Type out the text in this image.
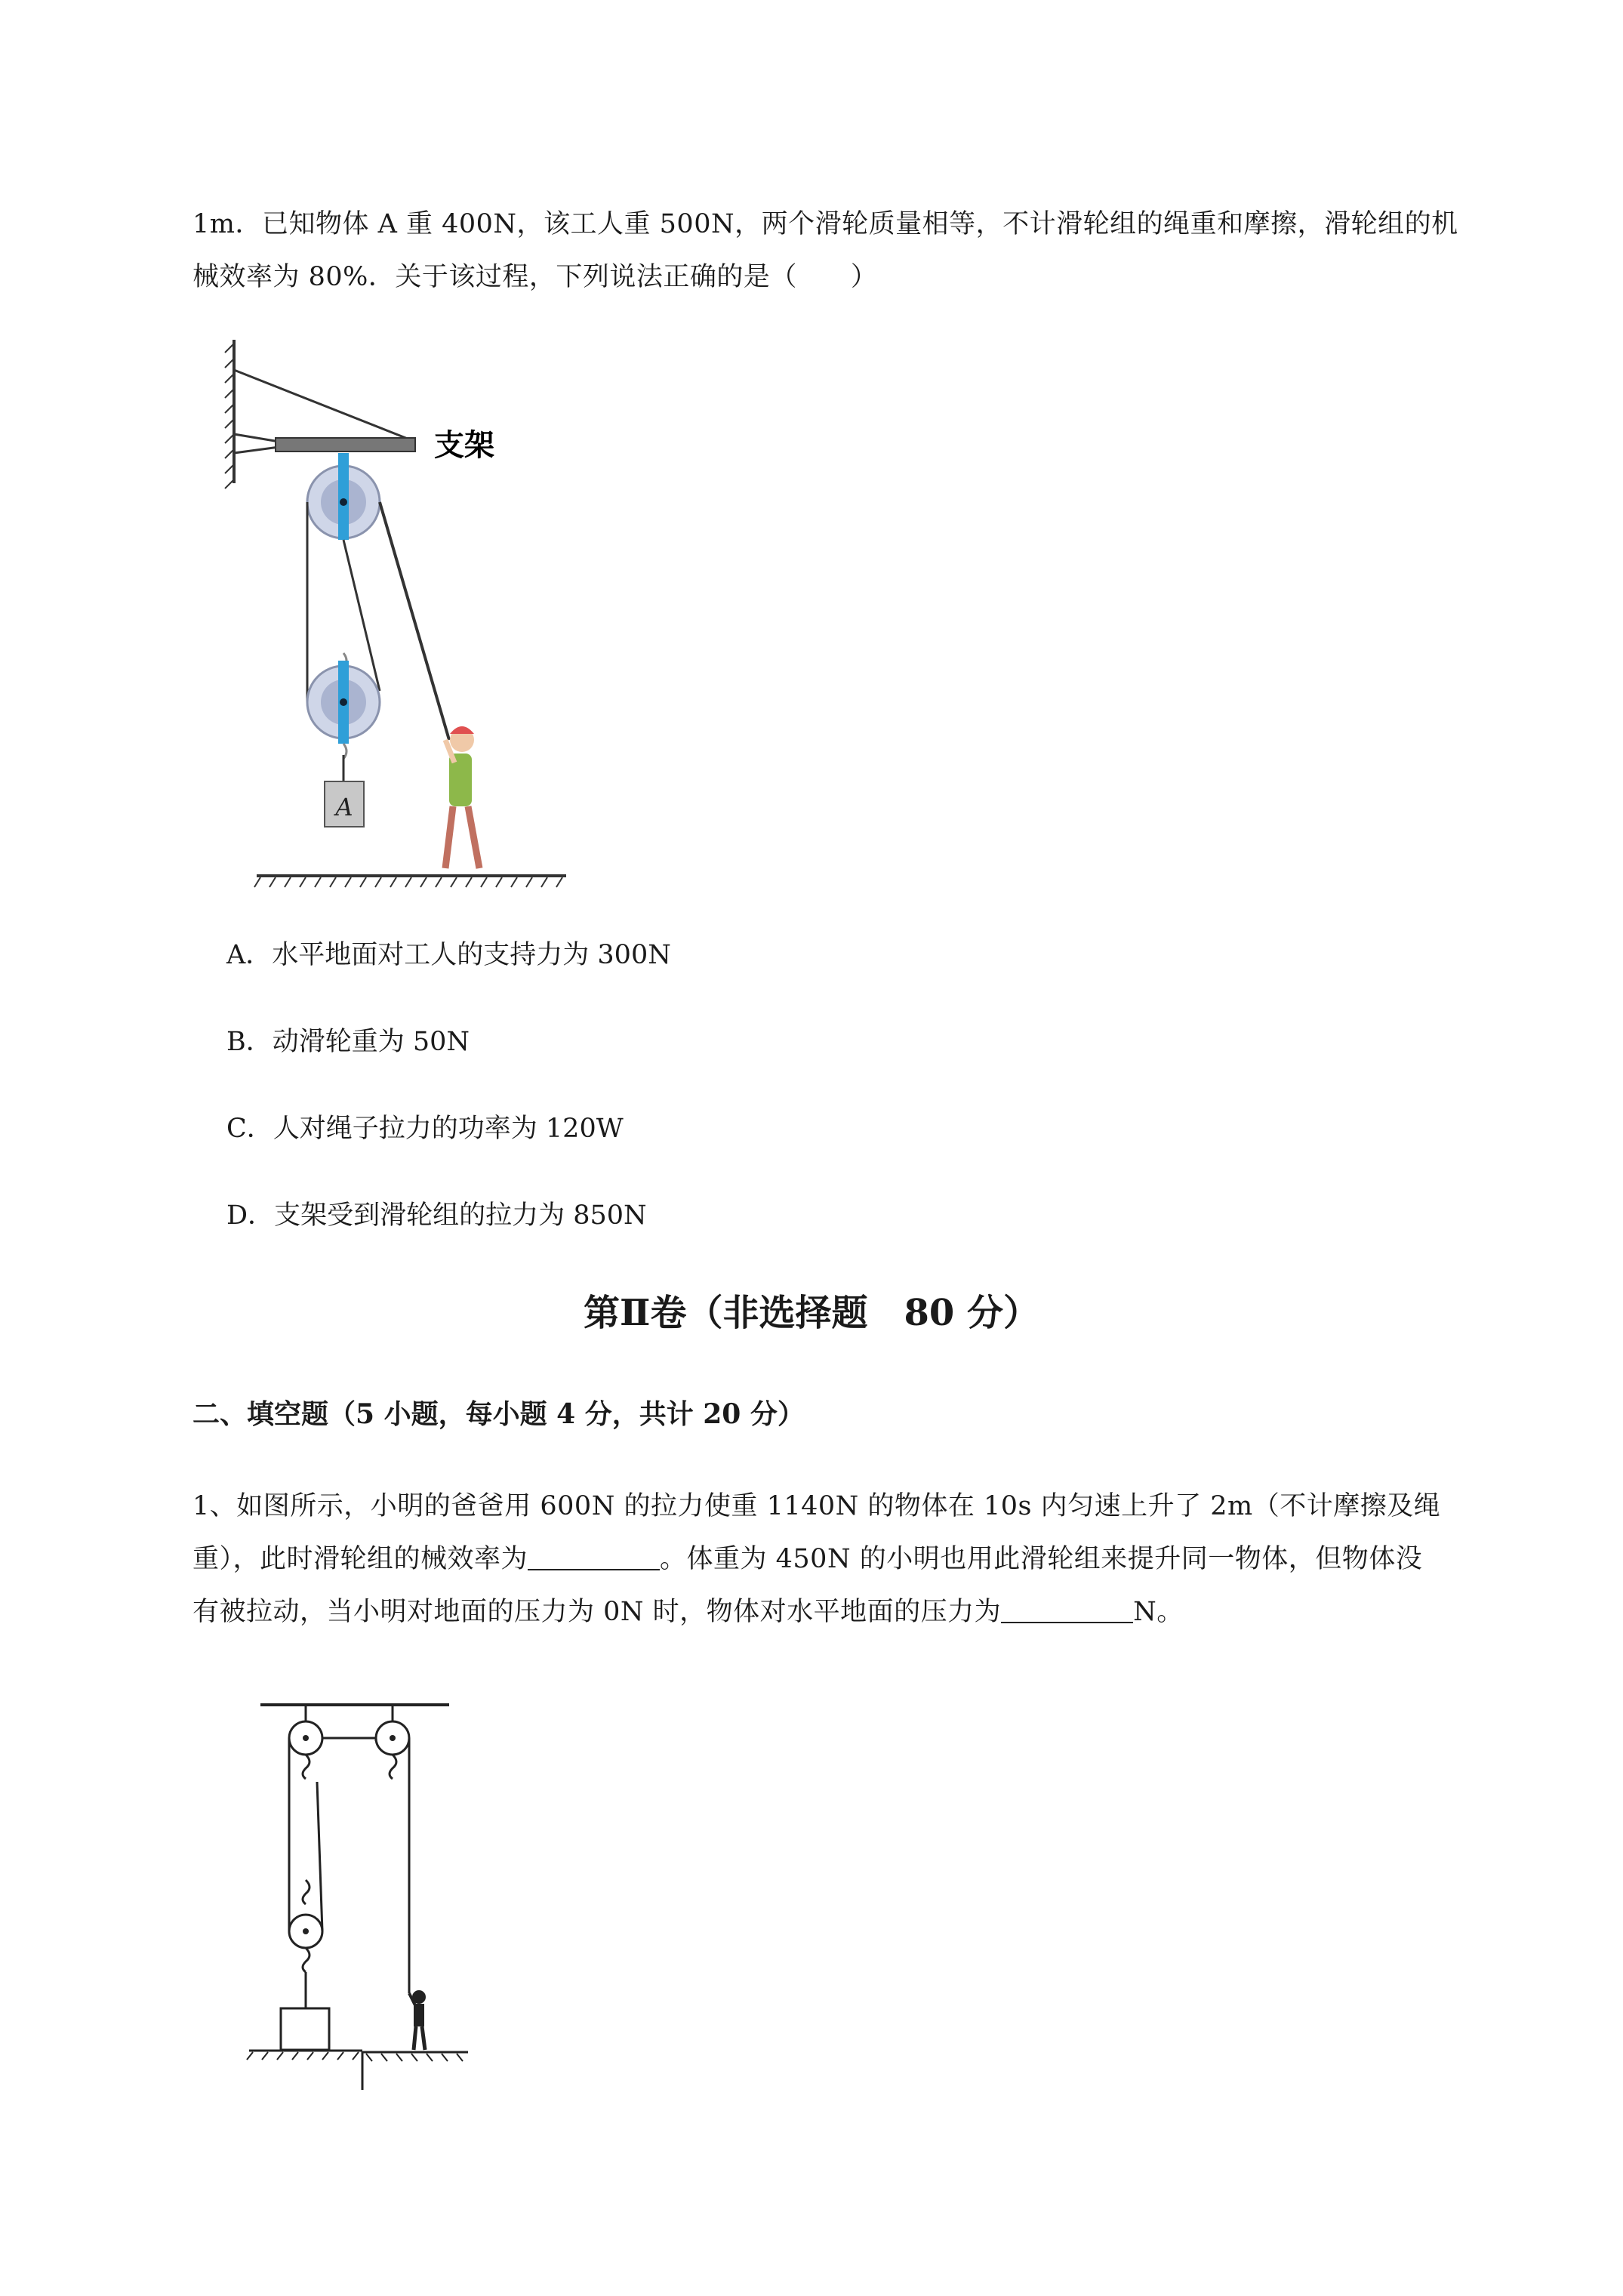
1m．已知物体 A 重 400N，该工人重 500N，两个滑轮质量相等，不计滑轮组的绳重和摩擦，滑轮组的机
械效率为 80%．关于该过程，下列说法正确的是（　　）
支架
A
A．水平地面对工人的支持力为 300N
B．动滑轮重为 50N
C．人对绳子拉力的功率为 120W
D．支架受到滑轮组的拉力为 850N
第Ⅱ卷（非选择题　80 分）
二、填空题（5 小题，每小题 4 分，共计 20 分）
1、如图所示，小明的爸爸用 600N 的拉力使重 1140N 的物体在 10s 内匀速上升了 2m（不计摩擦及绳
重），此时滑轮组的械效率为	。体重为 450N 的小明也用此滑轮组来提升同一物体，但物体没
有被拉动，当小明对地面的压力为 0N 时，物体对水平地面的压力为	N。
